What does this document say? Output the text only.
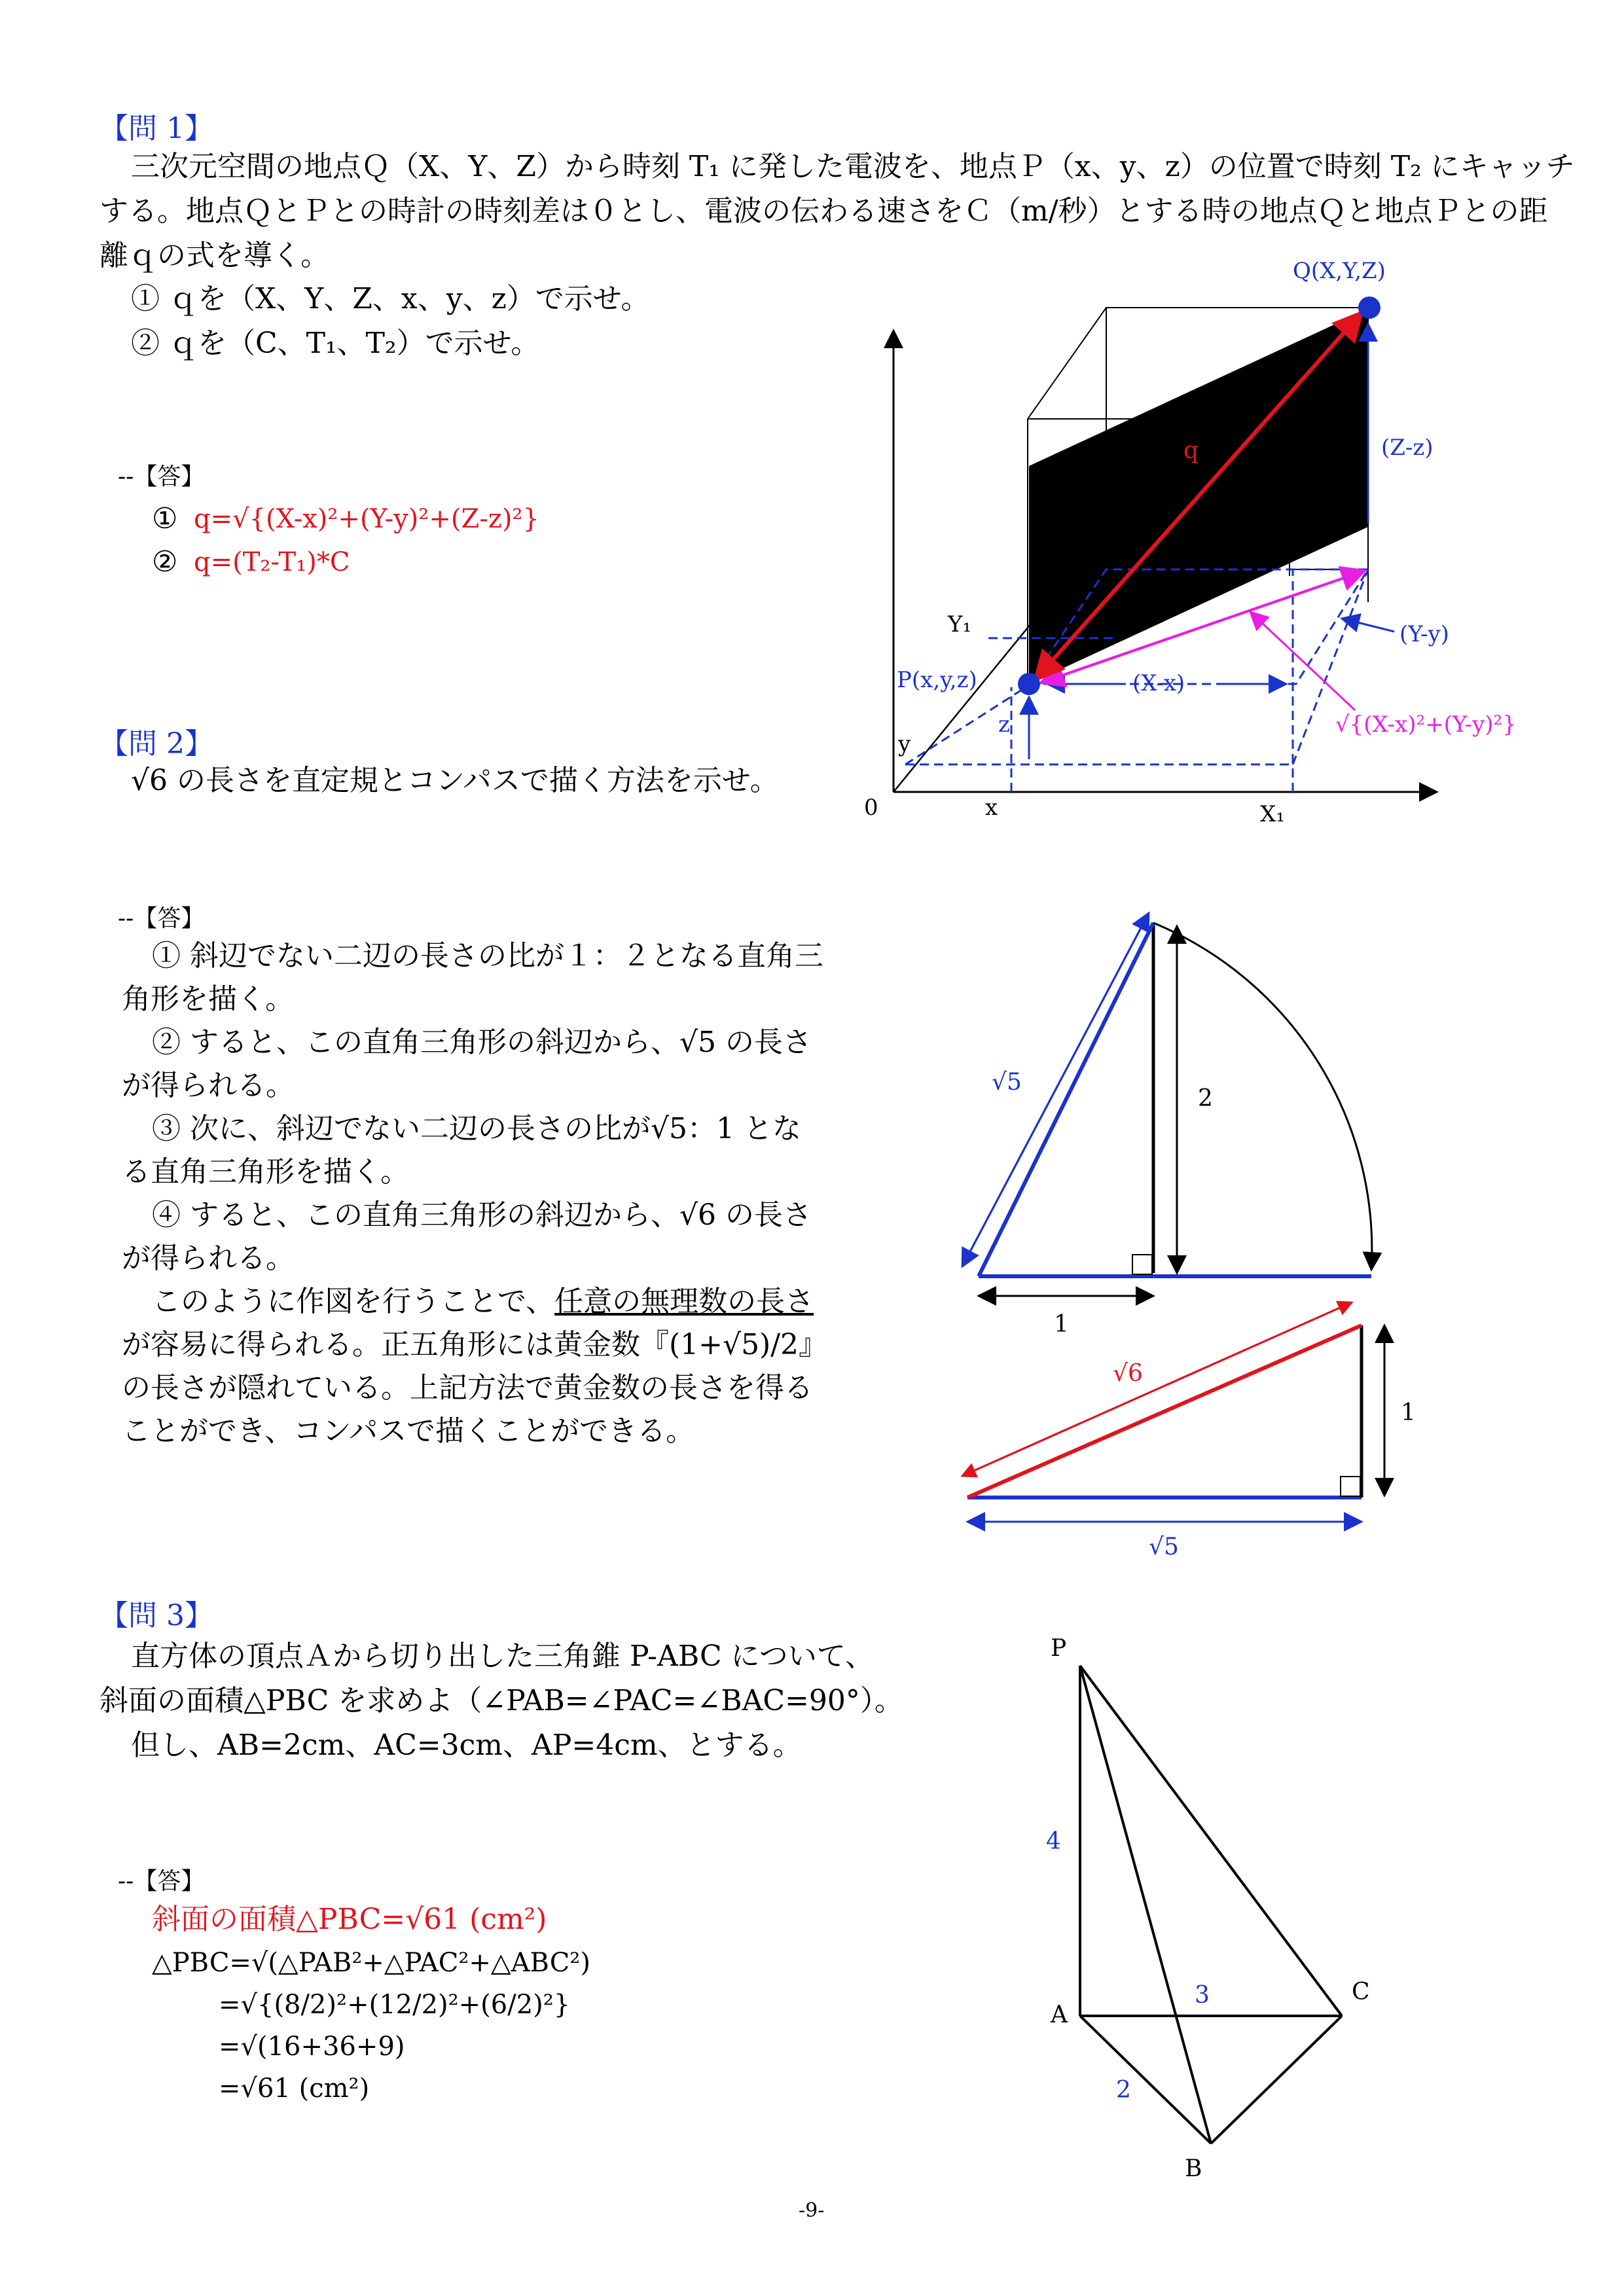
【問 1】
三次元空間の地点Ｑ（X、Y、Z）から時刻 T₁ に発した電波を、地点Ｐ（x、y、z）の位置で時刻 T₂ にキャッチ
する。地点ＱとＰとの時計の時刻差は０とし、電波の伝わる速さをＣ（m/秒）とする時の地点Ｑと地点Ｐとの距
離ｑの式を導く。
① ｑを（X、Y、Z、x、y、z）で示せ。
② ｑを（C、T₁、T₂）で示せ。
--【答】
① q=√{(X-x)²+(Y-y)²+(Z-z)²}
② q=(T₂-T₁)*C
【問 2】
√6 の長さを直定規とコンパスで描く方法を示せ。
--【答】
① 斜辺でない二辺の長さの比が１：２となる直角三
角形を描く。
② すると、この直角三角形の斜辺から、√5 の長さ
が得られる。
③ 次に、斜辺でない二辺の長さの比が√5：1 とな
る直角三角形を描く。
④ すると、この直角三角形の斜辺から、√6 の長さ
が得られる。
このように作図を行うことで、任意の無理数の長さ
が容易に得られる。正五角形には黄金数『(1+√5)/2』
の長さが隠れている。上記方法で黄金数の長さを得る
ことができ、コンパスで描くことができる。
【問 3】
直方体の頂点Ａから切り出した三角錐 P-ABC について、
斜面の面積△PBC を求めよ（∠PAB=∠PAC=∠BAC=90°）。
但し、AB=2cm、AC=3cm、AP=4cm、とする。
--【答】
斜面の面積△PBC=√61 (cm²)
△PBC=√(△PAB²+△PAC²+△ABC²)
=√{(8/2)²+(12/2)²+(6/2)²}
=√(16+36+9)
=√61 (cm²)
-9-
Q(X,Y,Z)
P(x,y,z)
q	(Z-z)
(Y-y)
(X-x)
√{(X-x)²+(Y-y)²}
Y₁
z
y
0	x	X₁
√5
2
1
√6
1
√5
P
A
B
C
4
3
2
